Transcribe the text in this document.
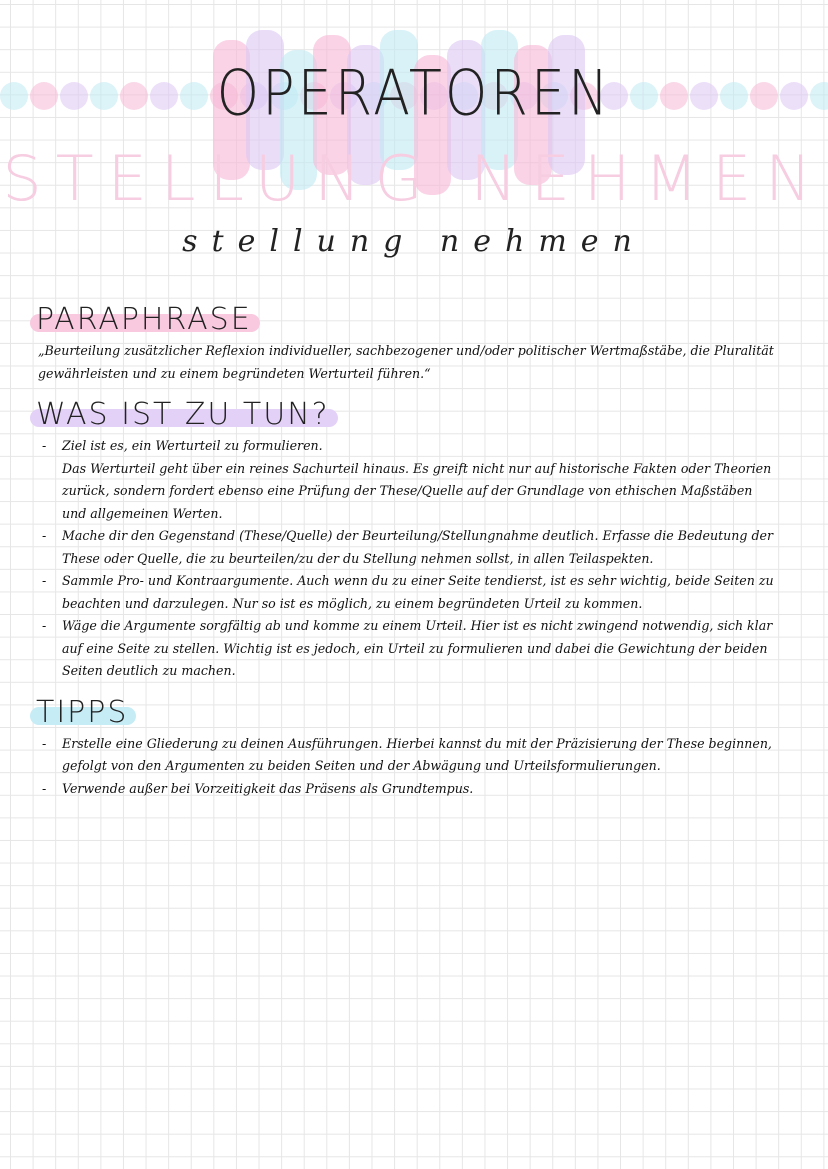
OPERATOREN
STELLUNG NEHMEN
stellung nehmen
PARAPHRASE
„Beurteilung zusätzlicher Reflexion individueller, sachbezogener und/oder politischer Wertmaßstäbe, die Pluralität gewährleisten und zu einem begründeten Werturteil führen.“
WAS IST ZU TUN?
- Ziel ist es, ein Werturteil zu formulieren.
Das Werturteil geht über ein reines Sachurteil hinaus. Es greift nicht nur auf historische Fakten oder Theorien zurück, sondern fordert ebenso eine Prüfung der These/Quelle auf der Grundlage von ethischen Maßstäben und allgemeinen Werten.
- Mache dir den Gegenstand (These/Quelle) der Beurteilung/Stellungnahme deutlich. Erfasse die Bedeutung der These oder Quelle, die zu beurteilen/zu der du Stellung nehmen sollst, in allen Teilaspekten.
- Sammle Pro- und Kontraargumente. Auch wenn du zu einer Seite tendierst, ist es sehr wichtig, beide Seiten zu beachten und darzulegen. Nur so ist es möglich, zu einem begründeten Urteil zu kommen.
- Wäge die Argumente sorgfältig ab und komme zu einem Urteil. Hier ist es nicht zwingend notwendig, sich klar auf eine Seite zu stellen. Wichtig ist es jedoch, ein Urteil zu formulieren und dabei die Gewichtung der beiden Seiten deutlich zu machen.
TIPPS
- Erstelle eine Gliederung zu deinen Ausführungen. Hierbei kannst du mit der Präzisierung der These beginnen, gefolgt von den Argumenten zu beiden Seiten und der Abwägung und Urteilsformulierungen.
- Verwende außer bei Vorzeitigkeit das Präsens als Grundtempus.
